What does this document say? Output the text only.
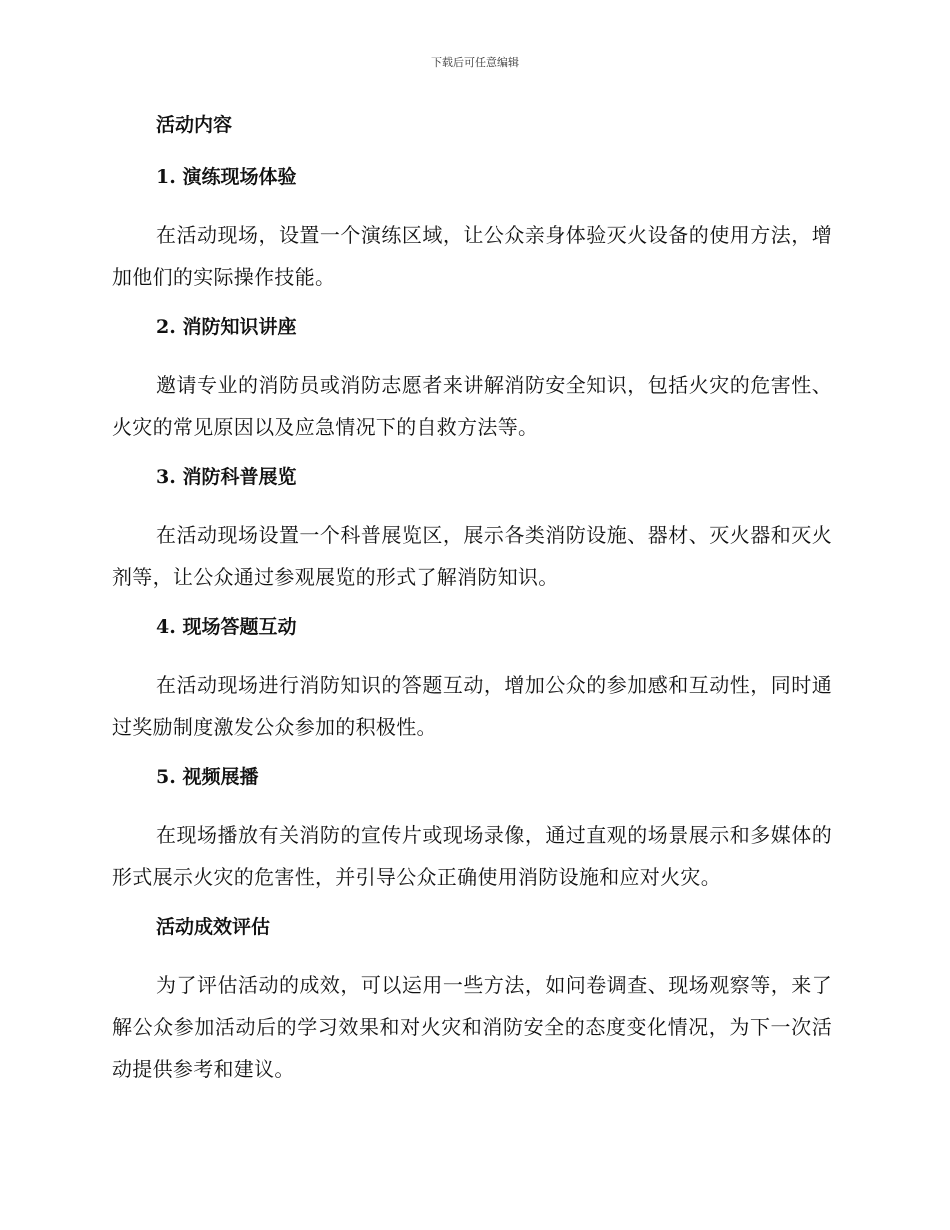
下载后可任意编辑
活动内容
1. 演练现场体验

在活动现场，设置一个演练区域，让公众亲身体验灭火设备的使用方法，增加他们的实际操作技能。

2. 消防知识讲座

邀请专业的消防员或消防志愿者来讲解消防安全知识，包括火灾的危害性、火灾的常见原因以及应急情况下的自救方法等。

3. 消防科普展览

在活动现场设置一个科普展览区，展示各类消防设施、器材、灭火器和灭火剂等，让公众通过参观展览的形式了解消防知识。

4. 现场答题互动

在活动现场进行消防知识的答题互动，增加公众的参加感和互动性，同时通过奖励制度激发公众参加的积极性。

5. 视频展播

在现场播放有关消防的宣传片或现场录像，通过直观的场景展示和多媒体的形式展示火灾的危害性，并引导公众正确使用消防设施和应对火灾。

活动成效评估

为了评估活动的成效，可以运用一些方法，如问卷调查、现场观察等，来了解公众参加活动后的学习效果和对火灾和消防安全的态度变化情况，为下一次活动提供参考和建议。
